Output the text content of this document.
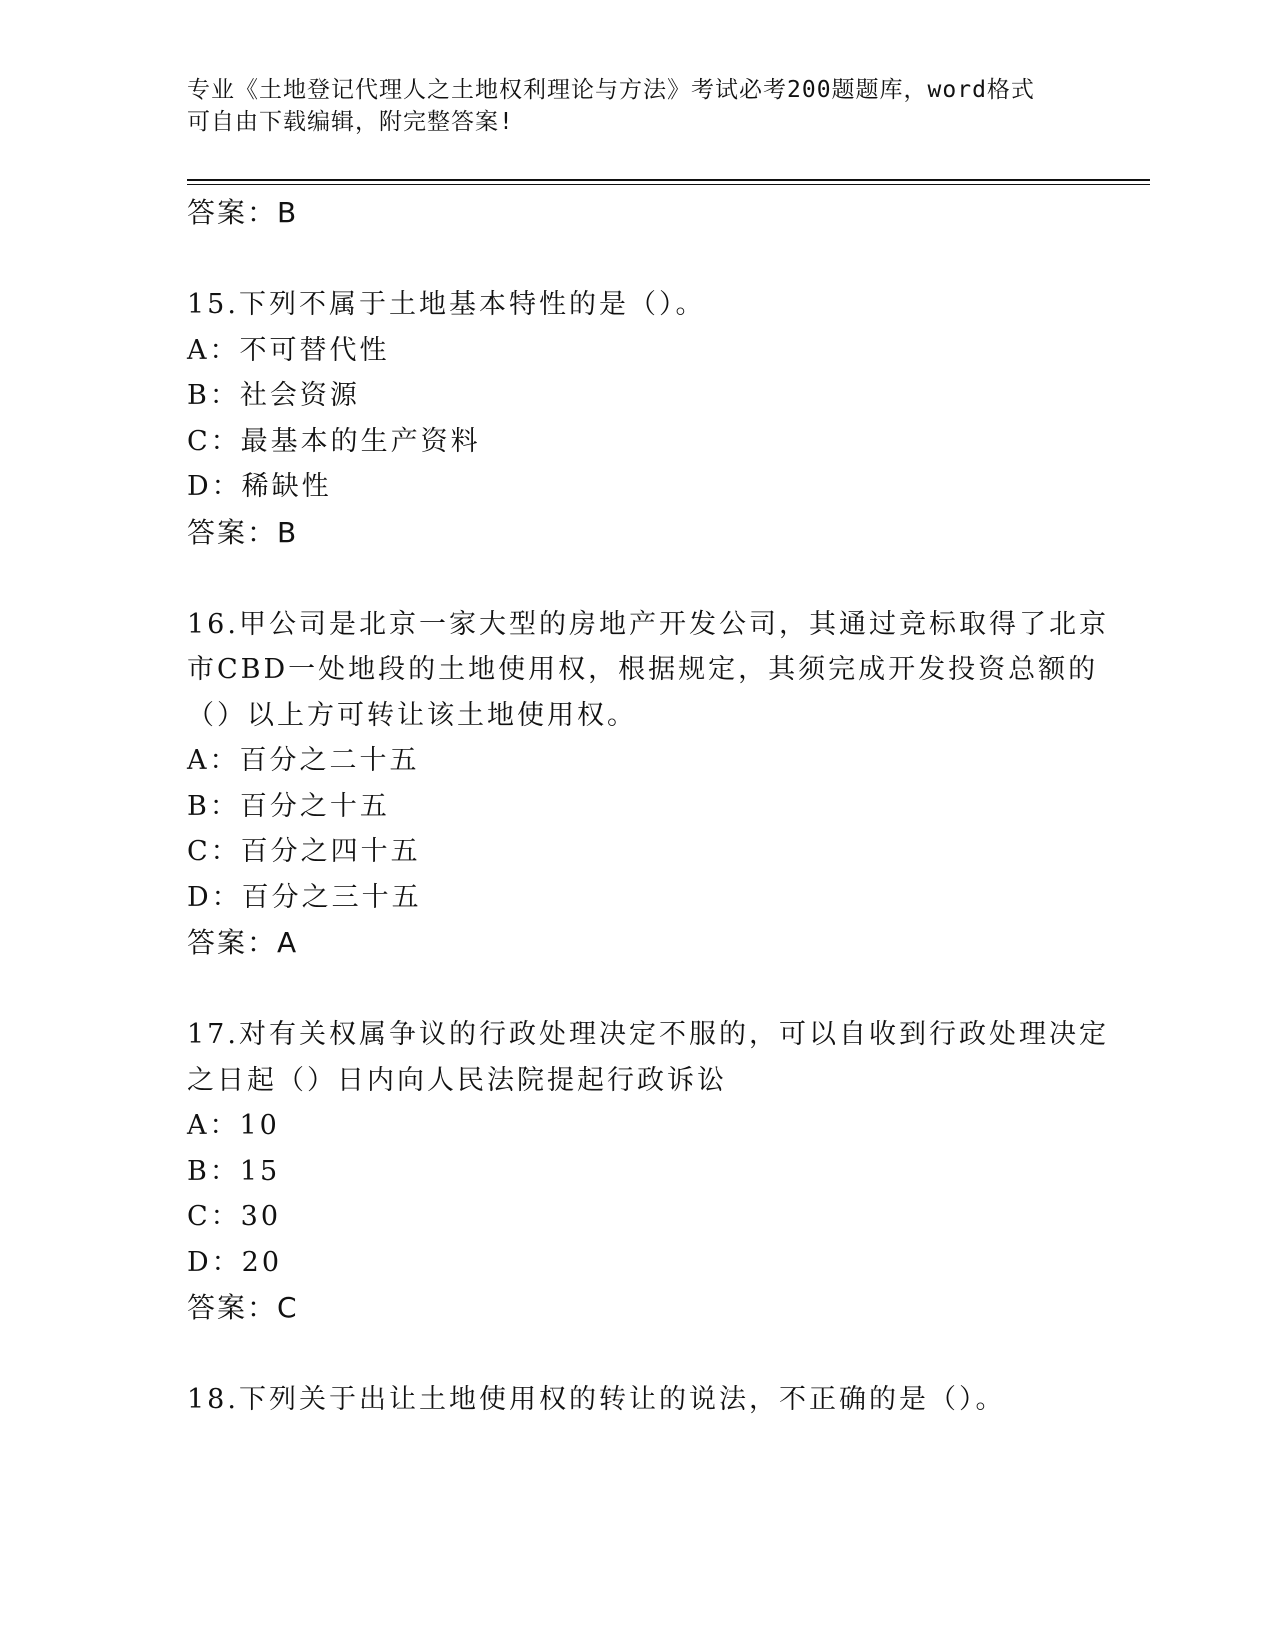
专业《土地登记代理人之土地权利理论与方法》考试必考200题题库，word格式
可自由下载编辑，附完整答案!
答案：B
15.下列不属于土地基本特性的是（）。
A：不可替代性
B：社会资源
C：最基本的生产资料
D：稀缺性
答案：B
16.甲公司是北京一家大型的房地产开发公司，其通过竞标取得了北京
市CBD一处地段的土地使用权，根据规定，其须完成开发投资总额的
（）以上方可转让该土地使用权。
A：百分之二十五
B：百分之十五
C：百分之四十五
D：百分之三十五
答案：A
17.对有关权属争议的行政处理决定不服的，可以自收到行政处理决定
之日起（）日内向人民法院提起行政诉讼
A：10
B：15
C：30
D：20
答案：C
18.下列关于出让土地使用权的转让的说法，不正确的是（）。
